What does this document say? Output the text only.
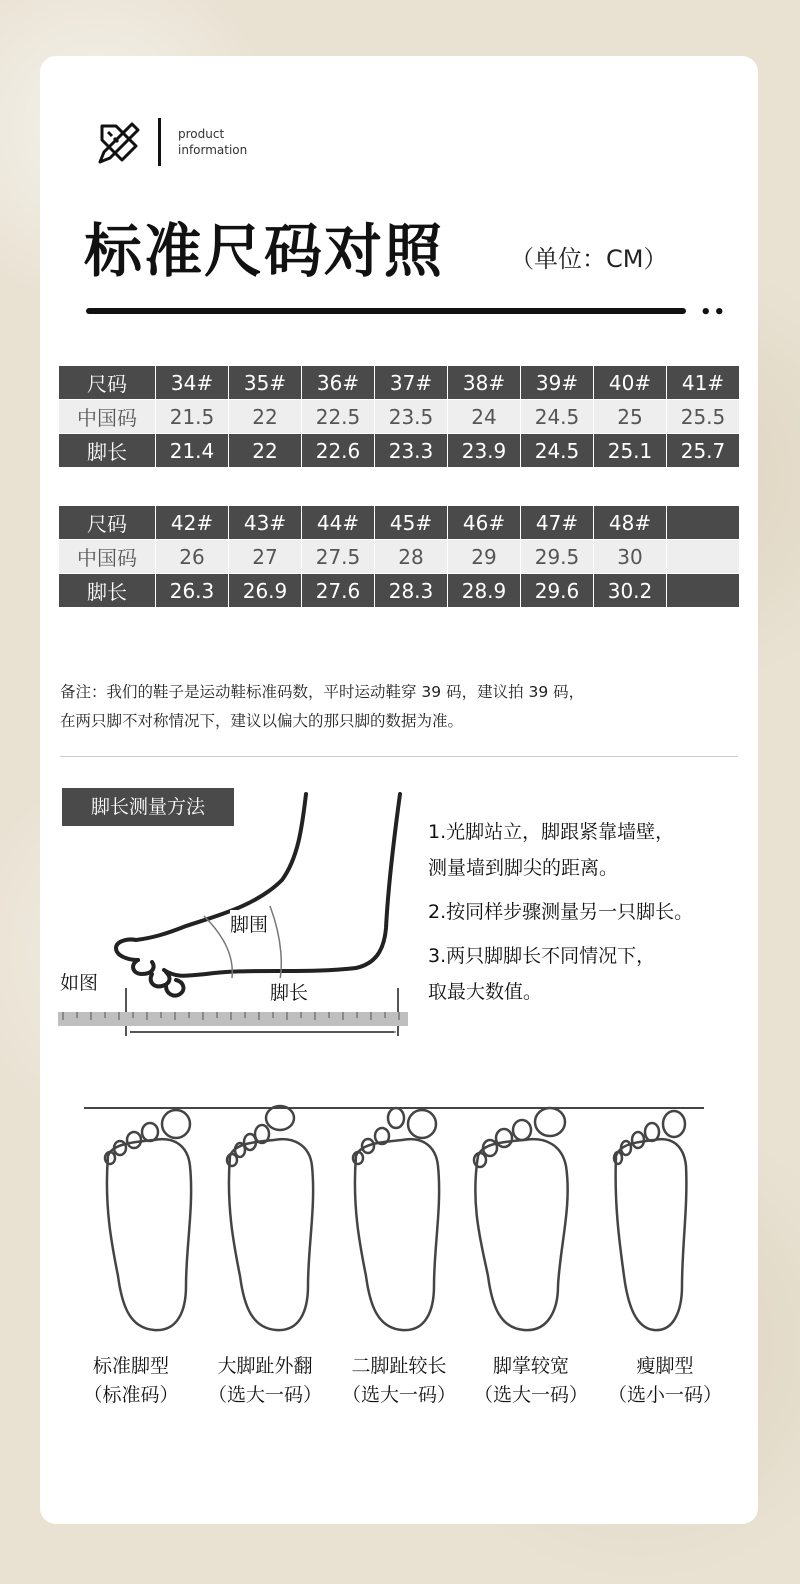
product
information
标准尺码对照	（单位：CM）
••
尺码	34#	35#	36#	37#	38#	39#	40#	41#
中国码	21.5	22	22.5	23.5	24	24.5	25	25.5
脚长	21.4	22	22.6	23.3	23.9	24.5	25.1	25.7
尺码	42#	43#	44#	45#	46#	47#	48#	
中国码	26	27	27.5	28	29	29.5	30	
脚长	26.3	26.9	27.6	28.3	28.9	29.6	30.2	
备注：我们的鞋子是运动鞋标准码数，平时运动鞋穿 39 码，建议拍 39 码，
在两只脚不对称情况下，建议以偏大的那只脚的数据为准。
脚长测量方法
脚围
脚长
如图
1.光脚站立，脚跟紧靠墙壁，

测量墙到脚尖的距离。

2.按同样步骤测量另一只脚长。

3.两只脚脚长不同情况下，
取最大数值。
标准脚型
（标准码）
大脚趾外翻
（选大一码）
二脚趾较长
（选大一码）
脚掌较宽
（选大一码）
瘦脚型
（选小一码）
